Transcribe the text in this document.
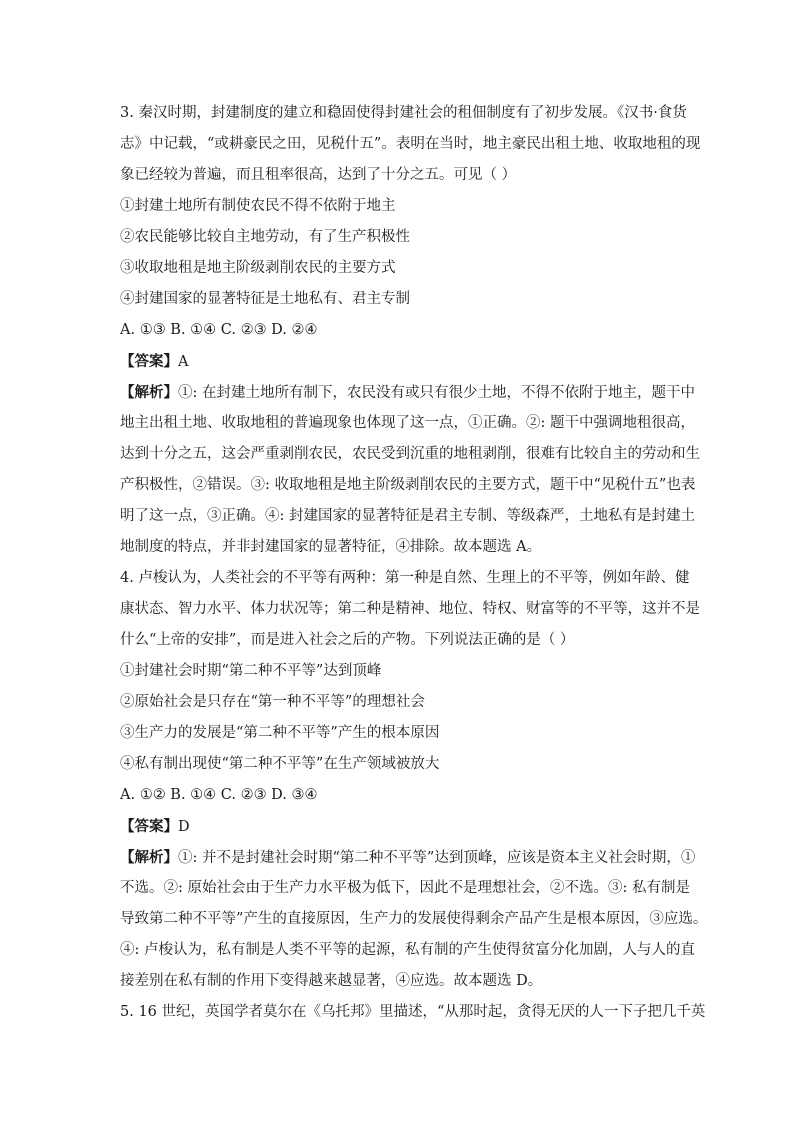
3. 秦汉时期，封建制度的建立和稳固使得封建社会的租佃制度有了初步发展。《汉书·食货
志》中记载，“或耕豪民之田，见税什五”。表明在当时，地主豪民出租土地、收取地租的现
象已经较为普遍，而且租率很高，达到了十分之五。可见（ ）
①封建土地所有制使农民不得不依附于地主
②农民能够比较自主地劳动，有了生产积极性
③收取地租是地主阶级剥削农民的主要方式
④封建国家的显著特征是土地私有、君主专制
A. ①③ B. ①④ C. ②③ D. ②④
【答案】A
【解析】①: 在封建土地所有制下，农民没有或只有很少土地，不得不依附于地主，题干中
地主出租土地、收取地租的普遍现象也体现了这一点，①正确。②: 题干中强调地租很高，
达到十分之五，这会严重剥削农民，农民受到沉重的地租剥削，很难有比较自主的劳动和生
产积极性，②错误。③: 收取地租是地主阶级剥削农民的主要方式，题干中“见税什五”也表
明了这一点，③正确。④: 封建国家的显著特征是君主专制、等级森严，土地私有是封建土
地制度的特点，并非封建国家的显著特征，④排除。故本题选 A。
4. 卢梭认为，人类社会的不平等有两种：第一种是自然、生理上的不平等，例如年龄、健
康状态、智力水平、体力状况等；第二种是精神、地位、特权、财富等的不平等，这并不是
什么“上帝的安排”，而是进入社会之后的产物。下列说法正确的是（ ）
①封建社会时期“第二种不平等”达到顶峰
②原始社会是只存在“第一种不平等”的理想社会
③生产力的发展是“第二种不平等”产生的根本原因
④私有制出现使“第二种不平等”在生产领域被放大
A. ①② B. ①④ C. ②③ D. ③④
【答案】D
【解析】①: 并不是封建社会时期“第二种不平等”达到顶峰，应该是资本主义社会时期，①
不选。②: 原始社会由于生产力水平极为低下，因此不是理想社会，②不选。③: 私有制是
导致第二种不平等”产生的直接原因，生产力的发展使得剩余产品产生是根本原因，③应选。
④: 卢梭认为，私有制是人类不平等的起源，私有制的产生使得贫富分化加剧，人与人的直
接差别在私有制的作用下变得越来越显著，④应选。故本题选 D。
5. 16 世纪，英国学者莫尔在《乌托邦》里描述，“从那时起，贪得无厌的人一下子把几千英
